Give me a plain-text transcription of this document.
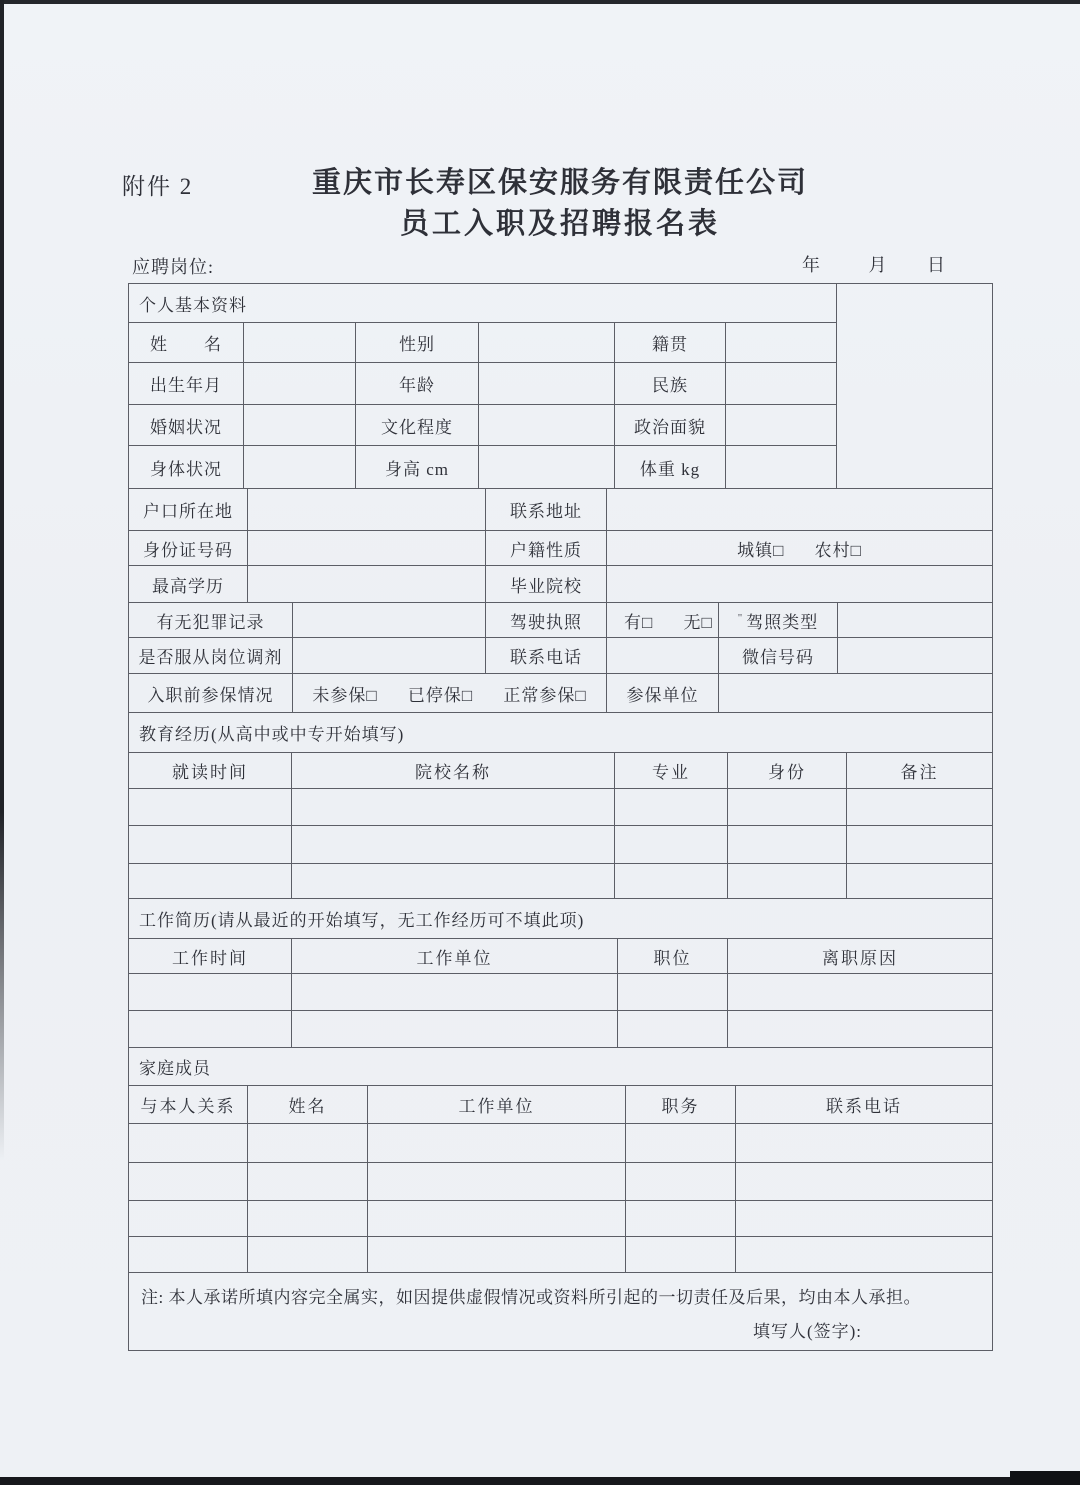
附件 2	重庆市长寿区保安服务有限责任公司
员工入职及招聘报名表
应聘岗位:	年	月 日
个人基本资料						
姓　　名		性别		籍贯		
出生年月		年龄		民族		
婚姻状况		文化程度		政治面貌		
身体状况		身高 cm		体重 kg		
户口所在地		联系地址	
身份证号码		户籍性质	城镇□ 农村□
最高学历		毕业院校	
有无犯罪记录		驾驶执照	有□ 无□	" 驾照类型	
是否服从岗位调剂		联系电话		微信号码	
入职前参保情况	未参保□ 已停保□ 正常参保□		参保单位		
教育经历(从高中或中专开始填写)				
就读时间	院校名称	专业	身份	备注

工作简历(请从最近的开始填写，无工作经历可不填此项)			
工作时间	工作单位	职位	离职原因

家庭成员				
与本人关系	姓名	工作单位	职务	联系电话

注: 本人承诺所填内容完全属实，如因提供虚假情况或资料所引起的一切责任及后果，均由本人承担。
填写人(签字):
